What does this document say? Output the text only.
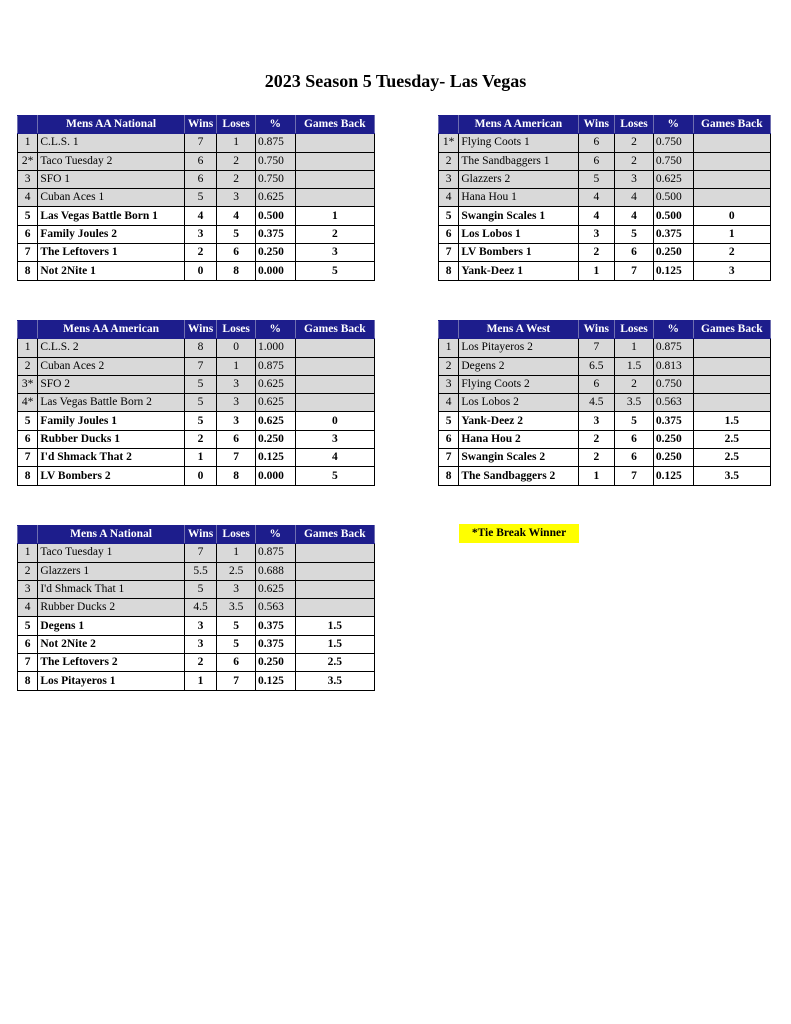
2023 Season 5 Tuesday- Las Vegas
	Mens AA National	Wins	Loses	%	Games Back
1	C.L.S. 1	7	1	0.875	
2*	Taco Tuesday 2	6	2	0.750	
3	SFO 1	6	2	0.750	
4	Cuban Aces 1	5	3	0.625	
5	Las Vegas Battle Born 1	4	4	0.500	1
6	Family Joules 2	3	5	0.375	2
7	The Leftovers 1	2	6	0.250	3
8	Not 2Nite 1	0	8	0.000	5
	Mens A American	Wins	Loses	%	Games Back
1*	Flying Coots 1	6	2	0.750	
2	The Sandbaggers 1	6	2	0.750	
3	Glazzers 2	5	3	0.625	
4	Hana Hou 1	4	4	0.500	
5	Swangin Scales 1	4	4	0.500	0
6	Los Lobos 1	3	5	0.375	1
7	LV Bombers 1	2	6	0.250	2
8	Yank-Deez 1	1	7	0.125	3
	Mens AA American	Wins	Loses	%	Games Back
1	C.L.S. 2	8	0	1.000	
2	Cuban Aces 2	7	1	0.875	
3*	SFO 2	5	3	0.625	
4*	Las Vegas Battle Born 2	5	3	0.625	
5	Family Joules 1	5	3	0.625	0
6	Rubber Ducks 1	2	6	0.250	3
7	I'd Shmack That 2	1	7	0.125	4
8	LV Bombers 2	0	8	0.000	5
	Mens A West	Wins	Loses	%	Games Back
1	Los Pitayeros 2	7	1	0.875	
2	Degens 2	6.5	1.5	0.813	
3	Flying Coots 2	6	2	0.750	
4	Los Lobos 2	4.5	3.5	0.563	
5	Yank-Deez 2	3	5	0.375	1.5
6	Hana Hou 2	2	6	0.250	2.5
7	Swangin Scales 2	2	6	0.250	2.5
8	The Sandbaggers 2	1	7	0.125	3.5
	Mens A National	Wins	Loses	%	Games Back
1	Taco Tuesday 1	7	1	0.875	
2	Glazzers 1	5.5	2.5	0.688	
3	I'd Shmack That 1	5	3	0.625	
4	Rubber Ducks 2	4.5	3.5	0.563	
5	Degens 1	3	5	0.375	1.5
6	Not 2Nite 2	3	5	0.375	1.5
7	The Leftovers 2	2	6	0.250	2.5
8	Los Pitayeros 1	1	7	0.125	3.5
*Tie Break Winner
